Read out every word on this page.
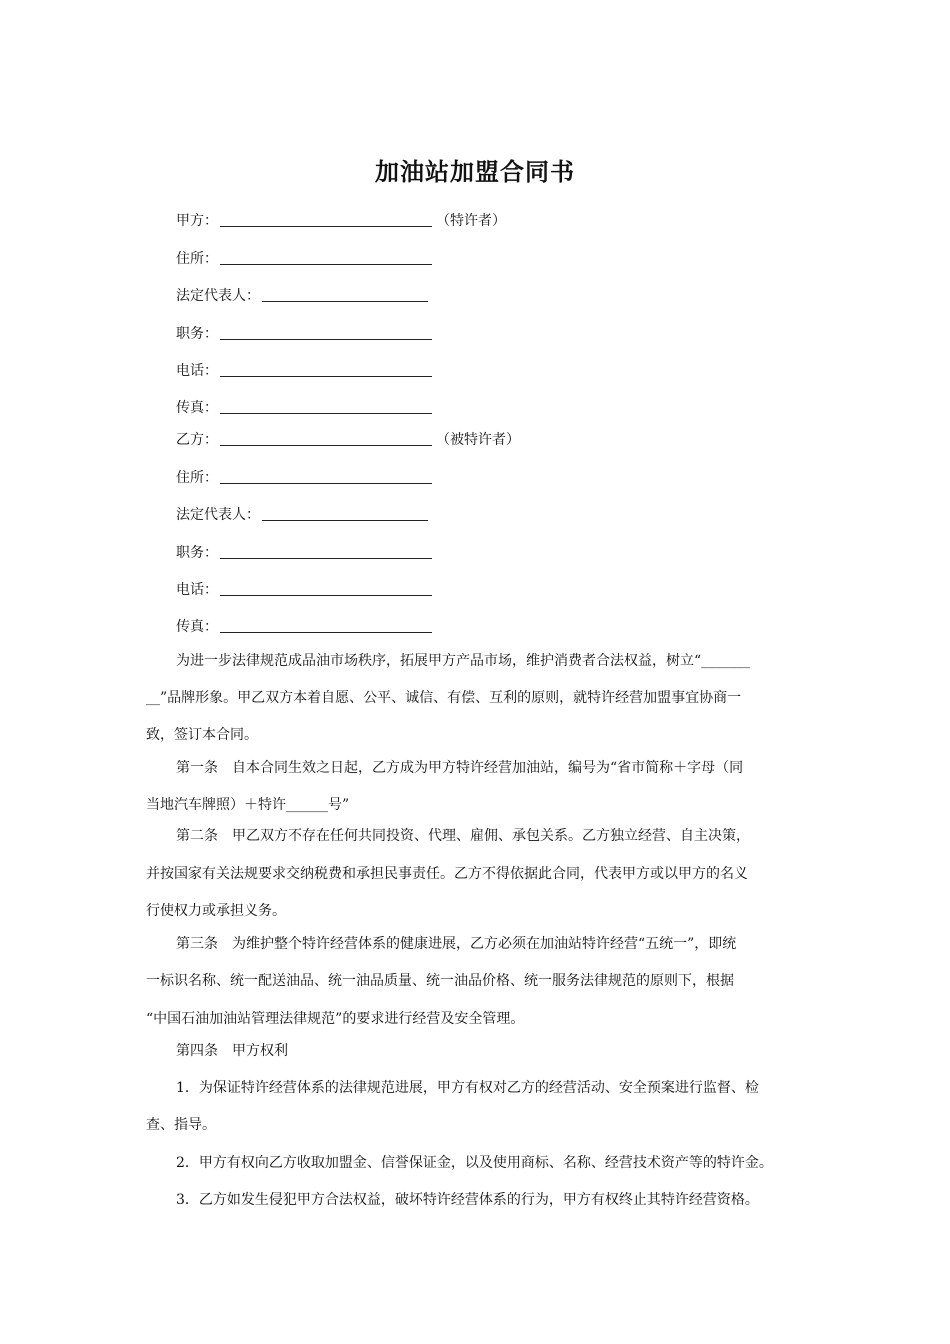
加油站加盟合同书
甲方：	（特许者）
住所：
法定代表人：
职务：
电话：
传真：
乙方：	（被特许者）
住所：
法定代表人：
职务：
电话：
传真：
为进一步法律规范成品油市场秩序，拓展甲方产品市场，维护消费者合法权益，树立“_______
__”品牌形象。甲乙双方本着自愿、公平、诚信、有偿、互利的原则，就特许经营加盟事宜协商一
致，签订本合同。
第一条　自本合同生效之日起，乙方成为甲方特许经营加油站，编号为“省市简称＋字母（同
当地汽车牌照）＋特许______号”
第二条　甲乙双方不存在任何共同投资、代理、雇佣、承包关系。乙方独立经营、自主决策，
并按国家有关法规要求交纳税费和承担民事责任。乙方不得依据此合同，代表甲方或以甲方的名义
行使权力或承担义务。
第三条　为维护整个特许经营体系的健康进展，乙方必须在加油站特许经营“五统一”，即统
一标识名称、统一配送油品、统一油品质量、统一油品价格、统一服务法律规范的原则下，根据
“中国石油加油站管理法律规范”的要求进行经营及安全管理。
第四条　甲方权利
1．为保证特许经营体系的法律规范进展，甲方有权对乙方的经营活动、安全预案进行监督、检
查、指导。
2．甲方有权向乙方收取加盟金、信誉保证金，以及使用商标、名称、经营技术资产等的特许金。
3．乙方如发生侵犯甲方合法权益，破坏特许经营体系的行为，甲方有权终止其特许经营资格。
